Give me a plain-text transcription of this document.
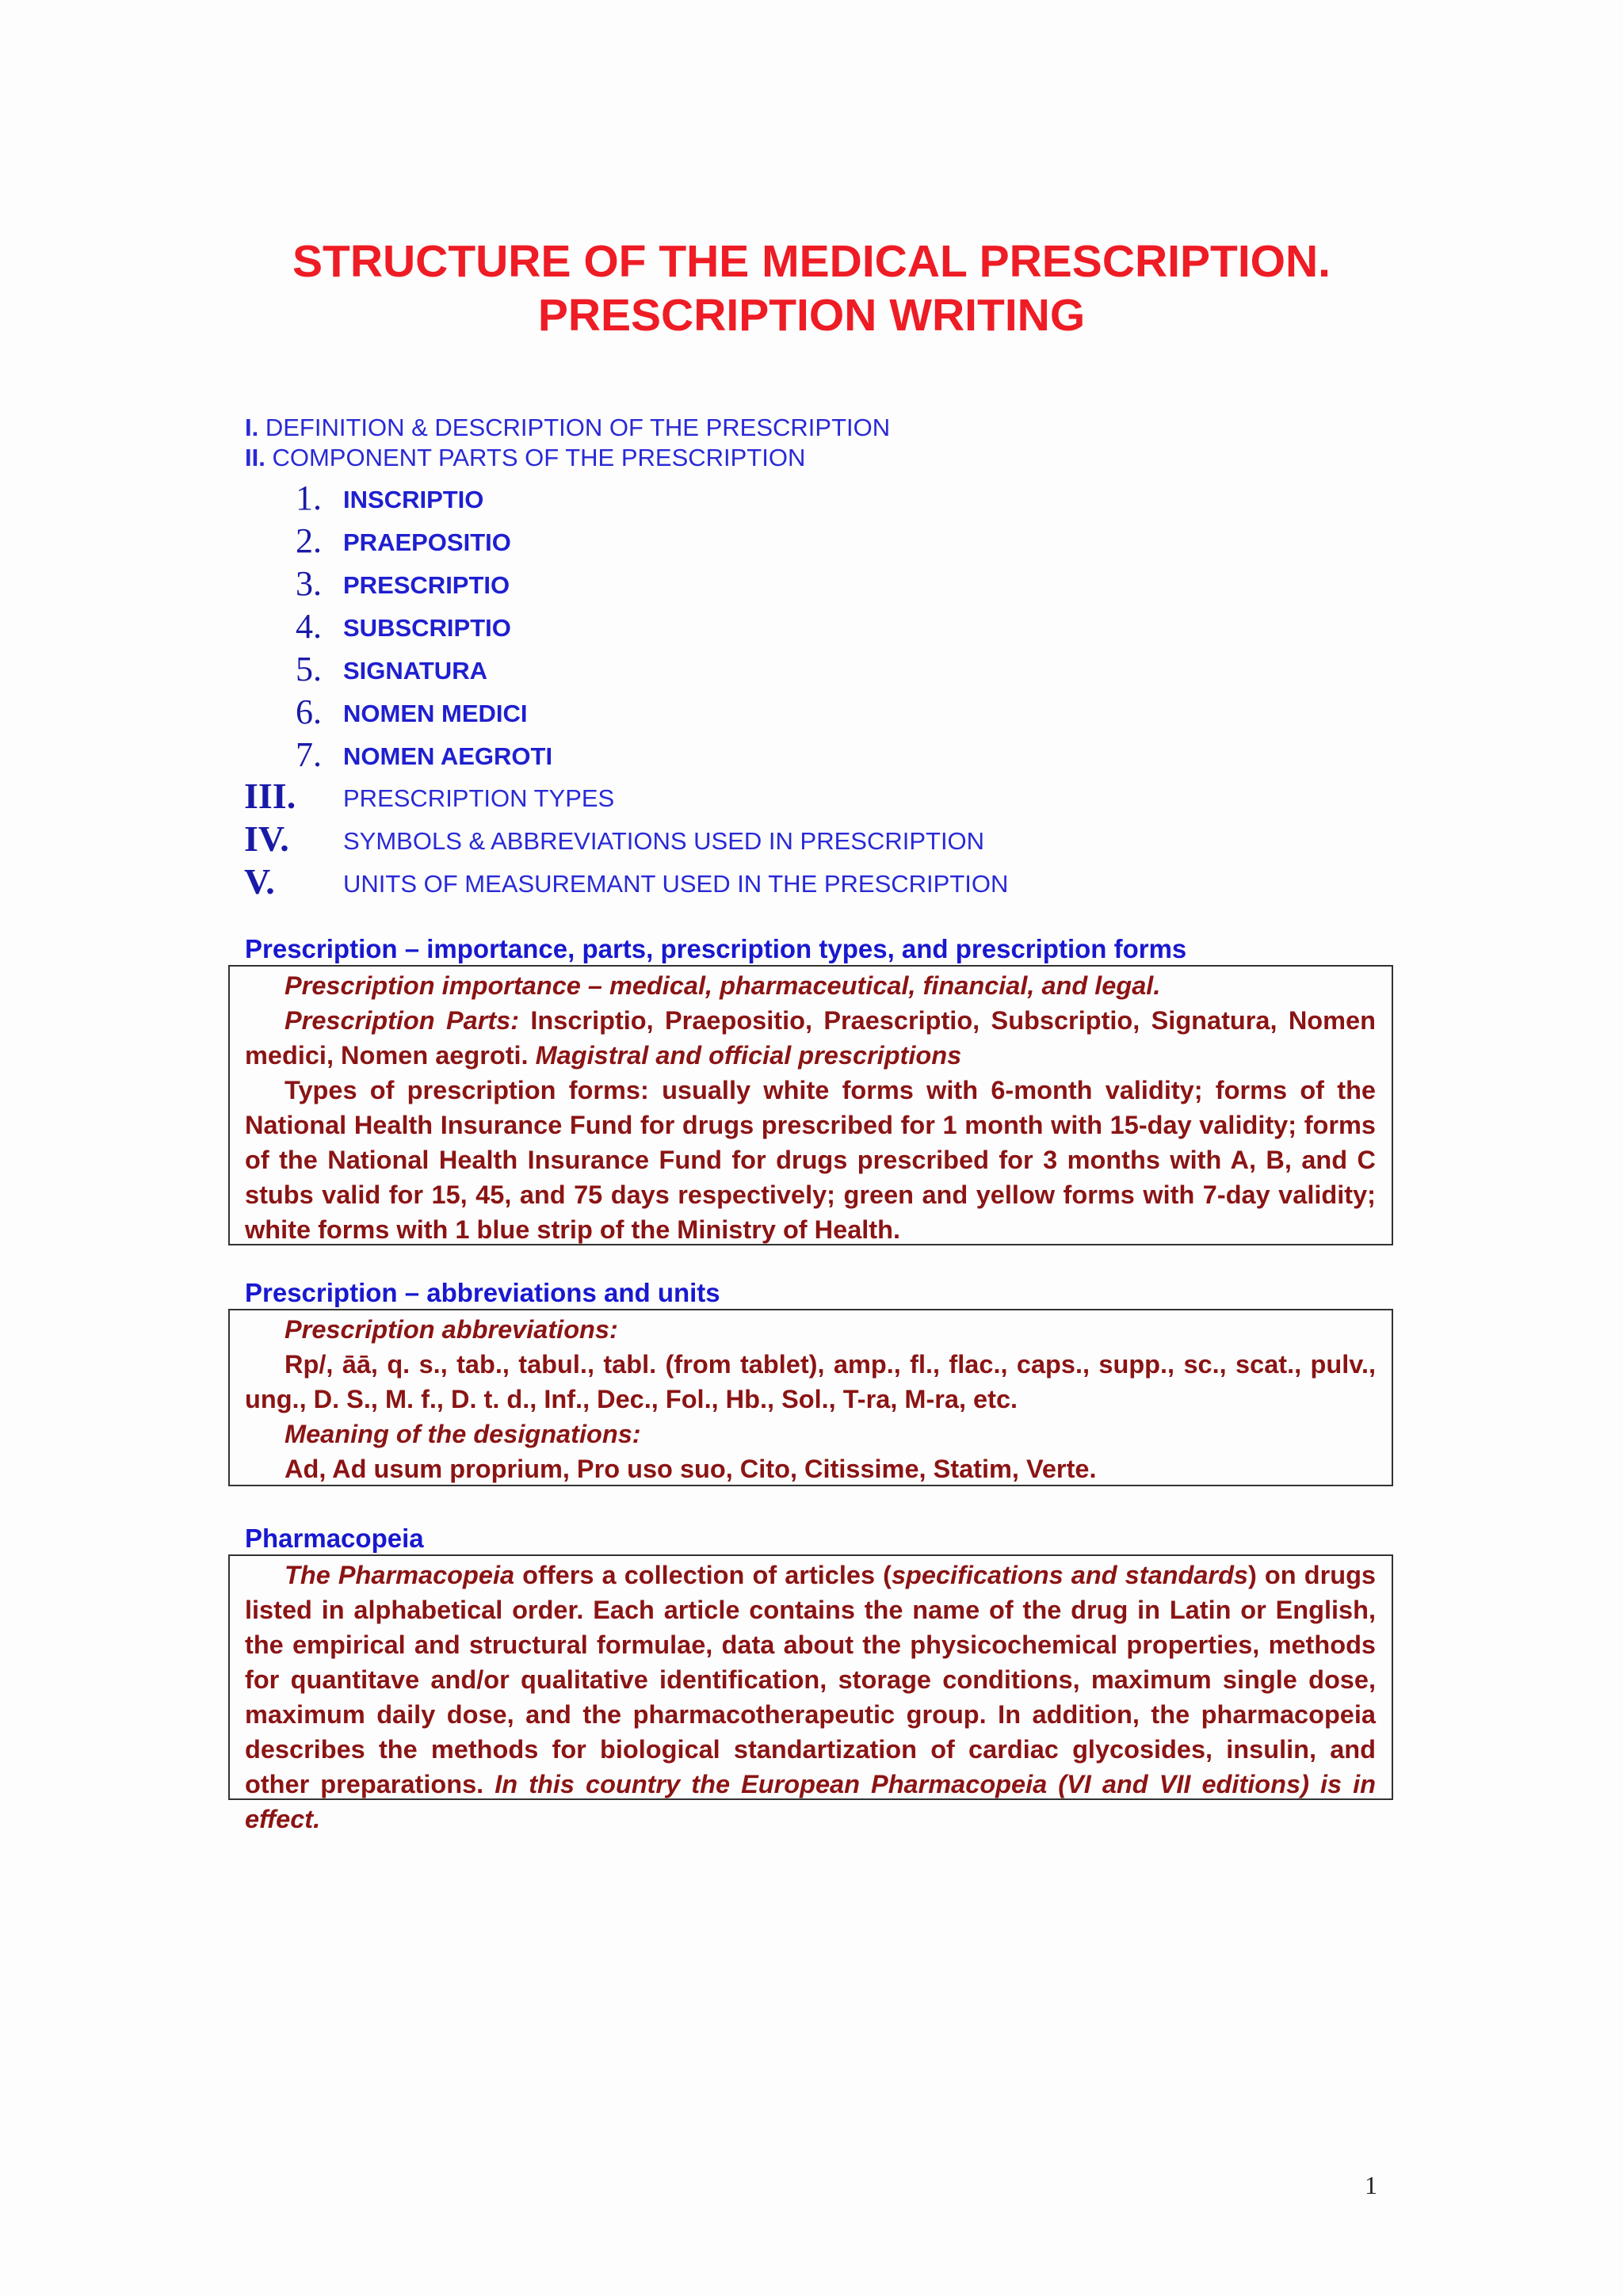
STRUCTURE OF THE MEDICAL PRESCRIPTION.
PRESCRIPTION WRITING
I. DEFINITION & DESCRIPTION OF THE PRESCRIPTION
II. COMPONENT PARTS OF THE PRESCRIPTION
1. INSCRIPTIO
2. PRAEPOSITIO
3. PRESCRIPTIO
4. SUBSCRIPTIO
5. SIGNATURA
6. NOMEN MEDICI
7. NOMEN AEGROTI
III. PRESCRIPTION TYPES
IV. SYMBOLS & ABBREVIATIONS USED IN PRESCRIPTION
V.	UNITS OF MEASUREMANT USED IN THE PRESCRIPTION
Prescription – importance, parts, prescription types, and prescription forms

Prescription importance – medical, pharmaceutical, financial, and legal.

Prescription Parts: Inscriptio, Praepositio, Praescriptio, Subscriptio, Signatura, Nomen medici, Nomen aegroti. Magistral and official prescriptions

Types of prescription forms: usually white forms with 6-month validity; forms of the National Health Insurance Fund for drugs prescribed for 1 month with 15-day validity; forms of the National Health Insurance Fund for drugs prescribed for 3 months with A, B, and C stubs valid for 15, 45, and 75 days respectively; green and yellow forms with 7-day validity; white forms with 1 blue strip of the Ministry of Health.

Prescription – abbreviations and units

Prescription abbreviations:

Rp/, āā, q. s., tab., tabul., tabl. (from tablet), amp., fl., flac., caps., supp., sc., scat., pulv., ung., D. S., M. f., D. t. d., Inf., Dec., Fol., Hb., Sol., T-ra, M-ra, etc.

Meaning of the designations:

Ad, Ad usum proprium, Pro uso suo, Cito, Citissime, Statim, Verte.

Pharmacopeia

The Pharmacopeia offers a collection of articles (specifications and standards) on drugs listed in alphabetical order. Each article contains the name of the drug in Latin or English, the empirical and structural formulae, data about the physicochemical properties, methods for quantitave and/or qualitative identification, storage conditions, maximum single dose, maximum daily dose, and the pharmacotherapeutic group. In addition, the pharmacopeia describes the methods for biological standartization of cardiac glycosides, insulin, and other preparations. In this country the European Pharmacopeia (VI and VII editions) is in effect.

1
